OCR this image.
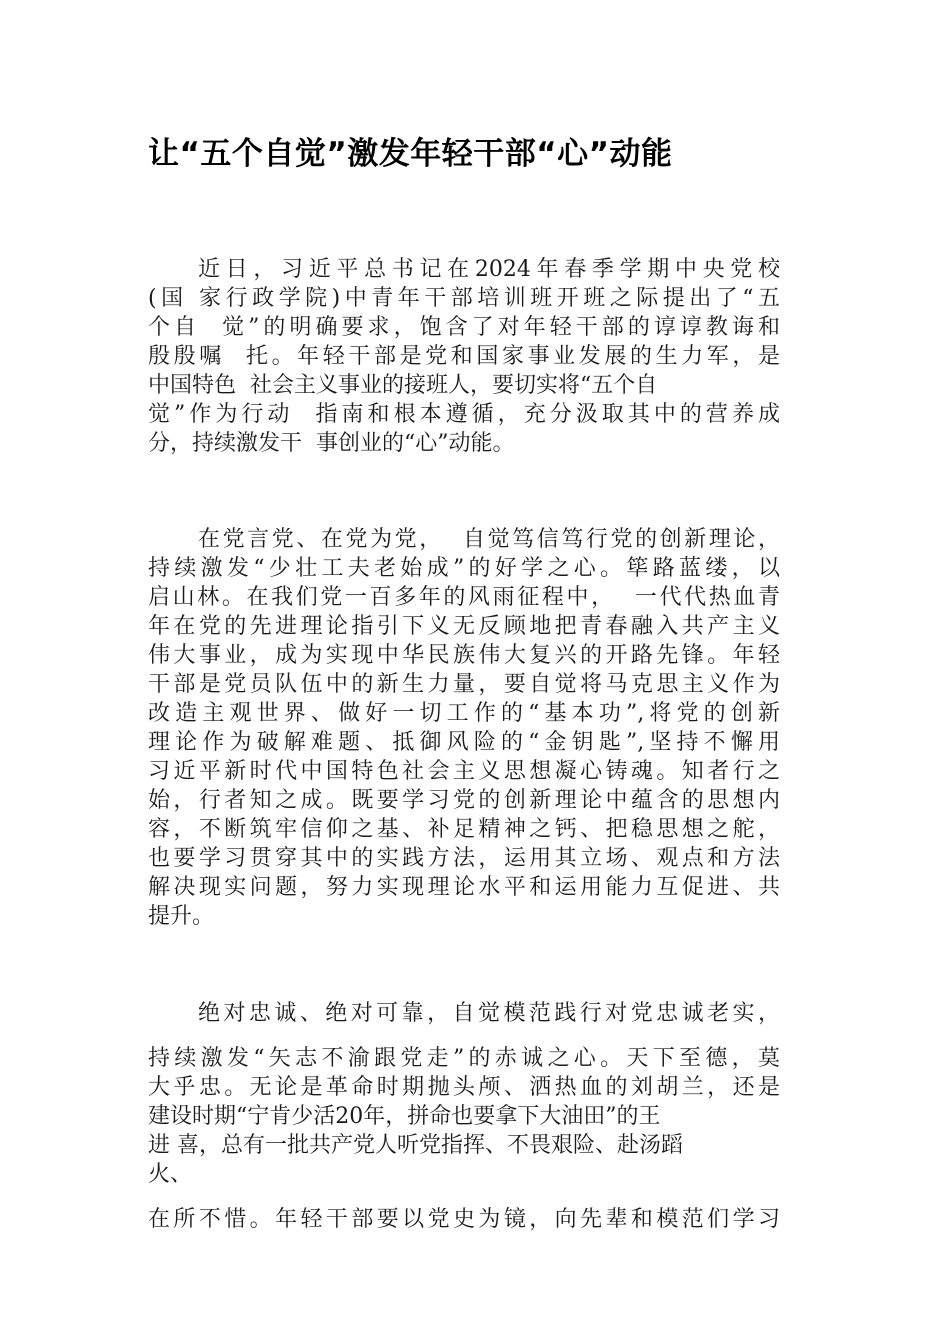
让“五个自觉”激发年轻干部“心”动能

近日，习近平总书记在2024年春季学期中央党校

(国 家行政学院)中青年干部培训班开班之际提出了“五

个自  觉”的明确要求，饱含了对年轻干部的谆谆教诲和

殷殷嘱  托。年轻干部是党和国家事业发展的生力军，是

中国特色  社会主义事业的接班人，要切实将“五个自

觉”作为行动  指南和根本遵循，充分汲取其中的营养成

分，持续激发干  事创业的“心”动能。

在党言党、在党为党，  自觉笃信笃行党的创新理论，

持续激发“少壮工夫老始成”的好学之心。筚路蓝缕，以

启山林。在我们党一百多年的风雨征程中，  一代代热血青

年在党的先进理论指引下义无反顾地把青春融入共产主义

伟大事业，成为实现中华民族伟大复兴的开路先锋。年轻

干部是党员队伍中的新生力量，要自觉将马克思主义作为

改造主观世界、做好一切工作的“基本功”,将党的创新

理论作为破解难题、抵御风险的“金钥匙”,坚持不懈用

习近平新时代中国特色社会主义思想凝心铸魂。知者行之

始，行者知之成。既要学习党的创新理论中蕴含的思想内

容，不断筑牢信仰之基、补足精神之钙、把稳思想之舵，

也要学习贯穿其中的实践方法，运用其立场、观点和方法

解决现实问题，努力实现理论水平和运用能力互促进、共

提升。

绝对忠诚、绝对可靠，自觉模范践行对党忠诚老实，

持续激发“矢志不渝跟党走”的赤诚之心。天下至德，莫

大乎忠。无论是革命时期抛头颅、洒热血的刘胡兰，还是

建设时期“宁肯少活20年，拼命也要拿下大油田”的王

进 喜，总有一批共产党人听党指挥、不畏艰险、赴汤蹈

火、

在所不惜。年轻干部要以党史为镜，向先辈和模范们学习
